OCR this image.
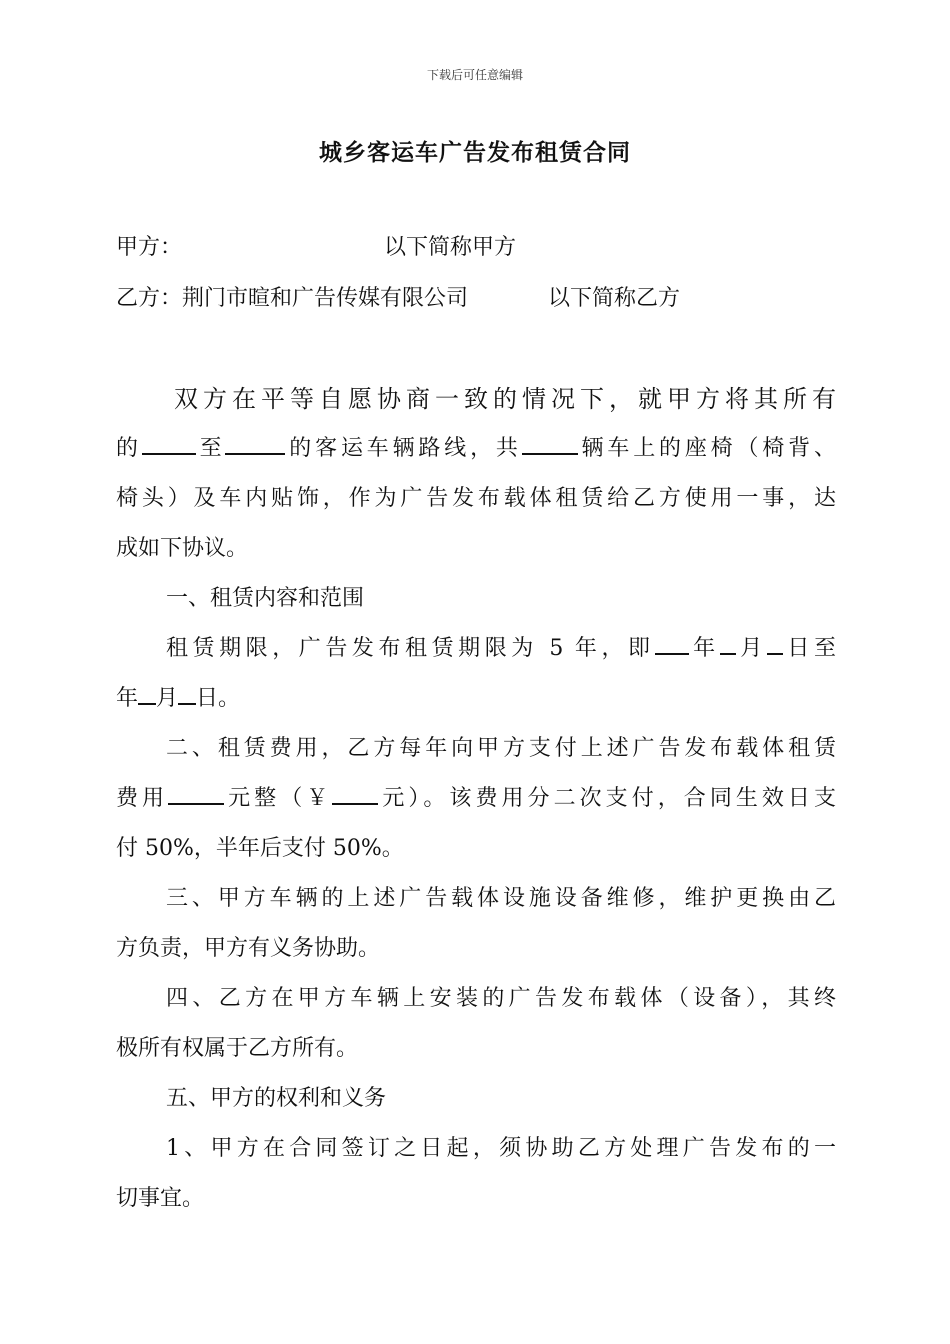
下载后可任意编辑
城乡客运车广告发布租赁合同
甲方：	以下简称甲方
乙方：荆门市暄和广告传媒有限公司	以下简称乙方
双方在平等自愿协商一致的情况下，就甲方将其所有
的 至	的客运车辆路线，共	辆车上的座椅（椅背、
椅头）及车内贴饰，作为广告发布载体租赁给乙方使用一事，达
成如下协议。
一、租赁内容和范围
租赁期限，广告发布租赁期限为 5 年，即 年 月 日至
年 月 日。
二、租赁费用，乙方每年向甲方支付上述广告发布载体租赁
费用	元整（￥ 元）。该费用分二次支付，合同生效日支
付 50%，半年后支付 50%。
三、甲方车辆的上述广告载体设施设备维修，维护更换由乙
方负责，甲方有义务协助。
四、乙方在甲方车辆上安装的广告发布载体（设备），其终
极所有权属于乙方所有。
五、甲方的权利和义务
1、甲方在合同签订之日起，须协助乙方处理广告发布的一
切事宜。
